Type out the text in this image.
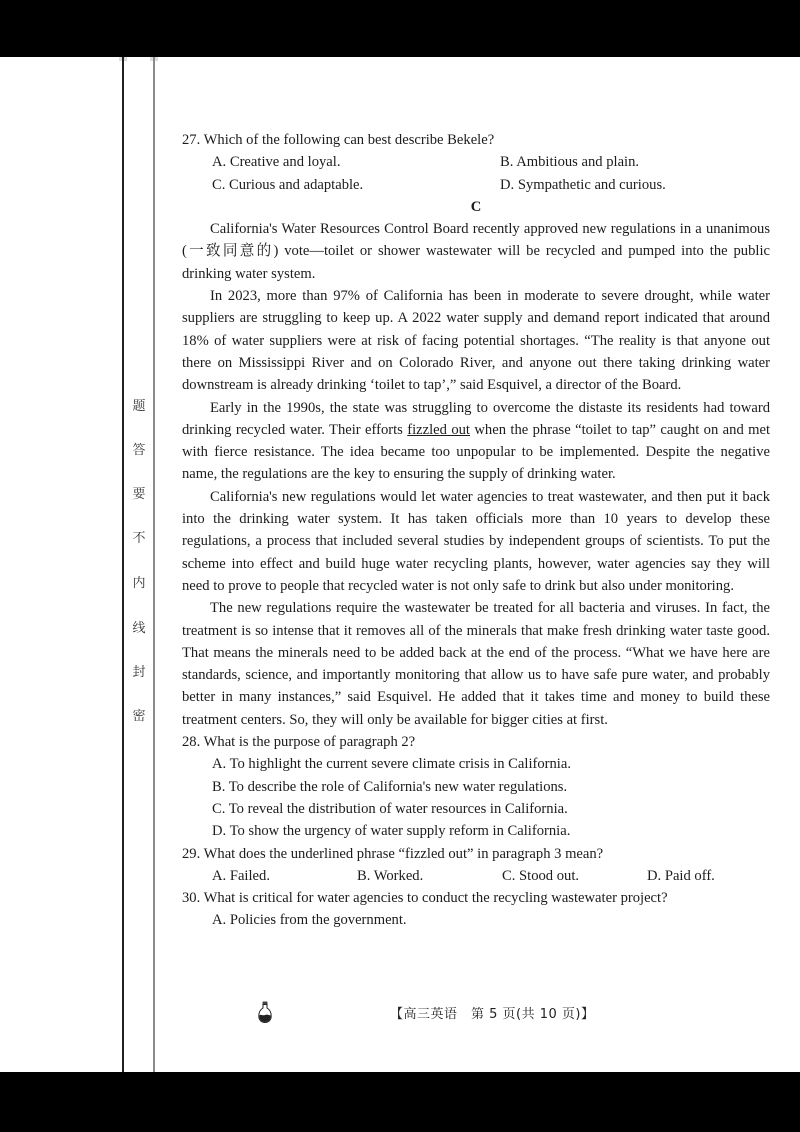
题
答
要
不
内
线
封
密

27. Which of the following can best describe Bekele?

A. Creative and loyal.	B. Ambitious and plain.
C. Curious and adaptable.	D. Sympathetic and curious.

C

California's Water Resources Control Board recently approved new regulations in a unanimous (一致同意的) vote—toilet or shower wastewater will be recycled and pumped into the public drinking water system.

In 2023, more than 97% of California has been in moderate to severe drought, while water suppliers are struggling to keep up. A 2022 water supply and demand report indicated that around 18% of water suppliers were at risk of facing potential shortages. “The reality is that anyone out there on Mississippi River and on Colorado River, and anyone out there taking drinking water downstream is already drinking ‘toilet to tap’,” said Esquivel, a director of the Board.

Early in the 1990s, the state was struggling to overcome the distaste its residents had toward drinking recycled water. Their efforts fizzled out when the phrase “toilet to tap” caught on and met with fierce resistance. The idea became too unpopular to be implemented. Despite the negative name, the regulations are the key to ensuring the supply of drinking water.

California's new regulations would let water agencies to treat wastewater, and then put it back into the drinking water system. It has taken officials more than 10 years to develop these regulations, a process that included several studies by independent groups of scientists. To put the scheme into effect and build huge water recycling plants, however, water agencies say they will need to prove to people that recycled water is not only safe to drink but also under monitoring.

The new regulations require the wastewater be treated for all bacteria and viruses. In fact, the treatment is so intense that it removes all of the minerals that make fresh drinking water taste good. That means the minerals need to be added back at the end of the process. “What we have here are standards, science, and importantly monitoring that allow us to have safe pure water, and probably better in many instances,” said Esquivel. He added that it takes time and money to build these treatment centers. So, they will only be available for bigger cities at first.

28. What is the purpose of paragraph 2?

A. To highlight the current severe climate crisis in California.
B. To describe the role of California's new water regulations.
C. To reveal the distribution of water resources in California.
D. To show the urgency of water supply reform in California.

29. What does the underlined phrase “fizzled out” in paragraph 3 mean?

A. Failed.	B. Worked.	C. Stood out.	D. Paid off.

30. What is critical for water agencies to conduct the recycling wastewater project?

A. Policies from the government.
【高三英语　第 5 页(共 10 页)】
